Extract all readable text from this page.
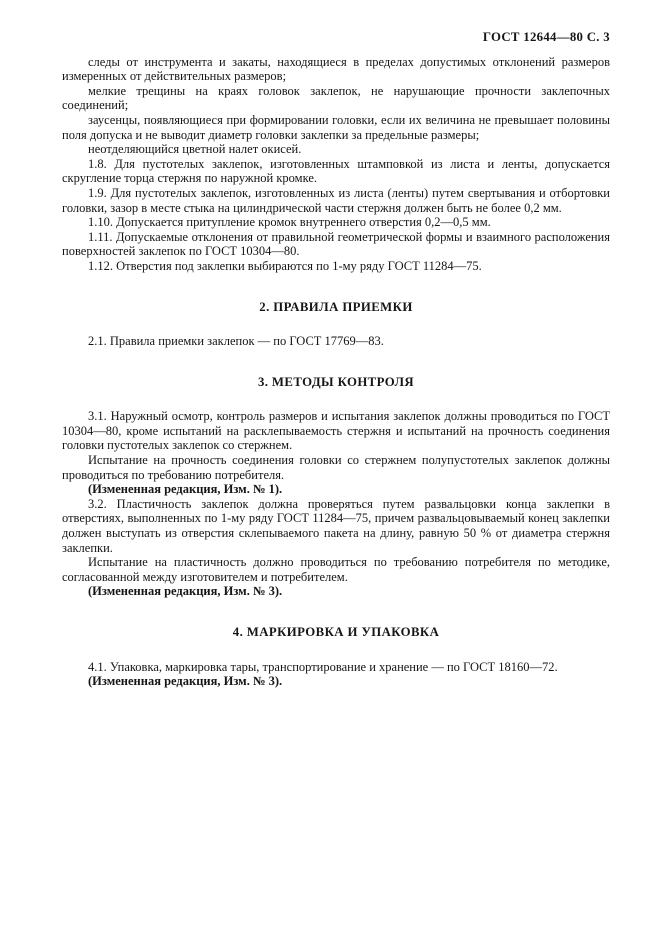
ГОСТ 12644—80 С. 3

следы от инструмента и закаты, находящиеся в пределах допустимых отклонений размеров измеренных от действительных размеров;

мелкие трещины на краях головок заклепок, не нарушающие прочности заклепочных соединений;

заусенцы, появляющиеся при формировании головки, если их величина не превышает половины поля допуска и не выводит диаметр головки заклепки за предельные размеры;

неотделяющийся цветной налет окисей.

1.8. Для пустотелых заклепок, изготовленных штамповкой из листа и ленты, допускается скругление торца стержня по наружной кромке.

1.9. Для пустотелых заклепок, изготовленных из листа (ленты) путем свертывания и отбортовки головки, зазор в месте стыка на цилиндрической части стержня должен быть не более 0,2 мм.

1.10. Допускается притупление кромок внутреннего отверстия 0,2—0,5 мм.

1.11. Допускаемые отклонения от правильной геометрической формы и взаимного расположения поверхностей заклепок по ГОСТ 10304—80.

1.12. Отверстия под заклепки выбираются по 1-му ряду ГОСТ 11284—75.

2. ПРАВИЛА ПРИЕМКИ

2.1. Правила приемки заклепок — по ГОСТ 17769—83.

3. МЕТОДЫ КОНТРОЛЯ

3.1. Наружный осмотр, контроль размеров и испытания заклепок должны проводиться по ГОСТ 10304—80, кроме испытаний на расклепываемость стержня и испытаний на прочность соединения головки пустотелых заклепок со стержнем.

Испытание на прочность соединения головки со стержнем полупустотелых заклепок должны проводиться по требованию потребителя.

(Измененная редакция, Изм. № 1).

3.2. Пластичность заклепок должна проверяться путем развальцовки конца заклепки в отверстиях, выполненных по 1-му ряду ГОСТ 11284—75, причем развальцовываемый конец заклепки должен выступать из отверстия склепываемого пакета на длину, равную 50 % от диаметра стержня заклепки.

Испытание на пластичность должно проводиться по требованию потребителя по методике, согласованной между изготовителем и потребителем.

(Измененная редакция, Изм. № 3).

4. МАРКИРОВКА И УПАКОВКА

4.1. Упаковка, маркировка тары, транспортирование и хранение — по ГОСТ 18160—72.

(Измененная редакция, Изм. № 3).
